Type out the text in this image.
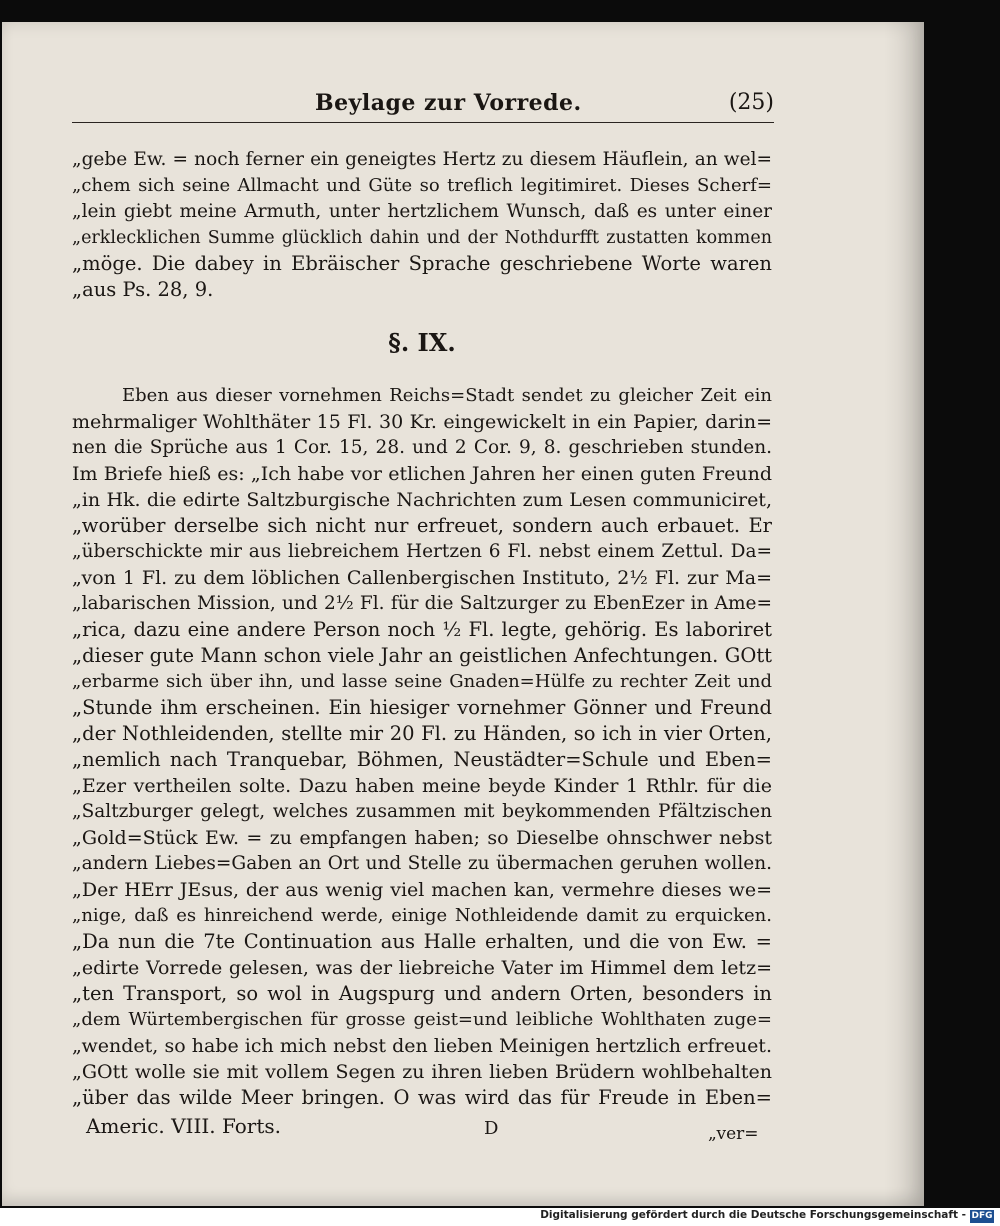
Beylage zur Vorrede.	(25)
„gebe Ew. = noch ferner ein geneigtes Hertz zu diesem Häuflein, an wel=
„chem sich seine Allmacht und Güte so treflich legitimiret. Dieses Scherf=
„lein giebt meine Armuth, unter hertzlichem Wunsch, daß es unter einer
„erklecklichen Summe glücklich dahin und der Nothdurfft zustatten kommen
„möge. Die dabey in Ebräischer Sprache geschriebene Worte waren
„aus Ps. 28, 9.
§. IX.
Eben aus dieser vornehmen Reichs=Stadt sendet zu gleicher Zeit ein
mehrmaliger Wohlthäter 15 Fl. 30 Kr. eingewickelt in ein Papier, darin=
nen die Sprüche aus 1 Cor. 15, 28. und 2 Cor. 9, 8. geschrieben stunden.
Im Briefe hieß es: „Ich habe vor etlichen Jahren her einen guten Freund
„in Hk. die edirte Saltzburgische Nachrichten zum Lesen communiciret,
„worüber derselbe sich nicht nur erfreuet, sondern auch erbauet. Er
„überschickte mir aus liebreichem Hertzen 6 Fl. nebst einem Zettul. Da=
„von 1 Fl. zu dem löblichen Callenbergischen Instituto, 2½ Fl. zur Ma=
„labarischen Mission, und 2½ Fl. für die Saltzurger zu EbenEzer in Ame=
„rica, dazu eine andere Person noch ½ Fl. legte, gehörig. Es laboriret
„dieser gute Mann schon viele Jahr an geistlichen Anfechtungen. GOtt
„erbarme sich über ihn, und lasse seine Gnaden=Hülfe zu rechter Zeit und
„Stunde ihm erscheinen. Ein hiesiger vornehmer Gönner und Freund
„der Nothleidenden, stellte mir 20 Fl. zu Händen, so ich in vier Orten,
„nemlich nach Tranquebar, Böhmen, Neustädter=Schule und Eben=
„Ezer vertheilen solte. Dazu haben meine beyde Kinder 1 Rthlr. für die
„Saltzburger gelegt, welches zusammen mit beykommenden Pfältzischen
„Gold=Stück Ew. = zu empfangen haben; so Dieselbe ohnschwer nebst
„andern Liebes=Gaben an Ort und Stelle zu übermachen geruhen wollen.
„Der HErr JEsus, der aus wenig viel machen kan, vermehre dieses we=
„nige, daß es hinreichend werde, einige Nothleidende damit zu erquicken.
„Da nun die 7te Continuation aus Halle erhalten, und die von Ew. =
„edirte Vorrede gelesen, was der liebreiche Vater im Himmel dem letz=
„ten Transport, so wol in Augspurg und andern Orten, besonders in
„dem Würtembergischen für grosse geist=und leibliche Wohlthaten zuge=
„wendet, so habe ich mich nebst den lieben Meinigen hertzlich erfreuet.
„GOtt wolle sie mit vollem Segen zu ihren lieben Brüdern wohlbehalten
„über das wilde Meer bringen. O was wird das für Freude in Eben=
Americ. VIII. Forts.	D	„ver=
Digitalisierung gefördert durch die Deutsche Forschungsgemeinschaft - DFG
